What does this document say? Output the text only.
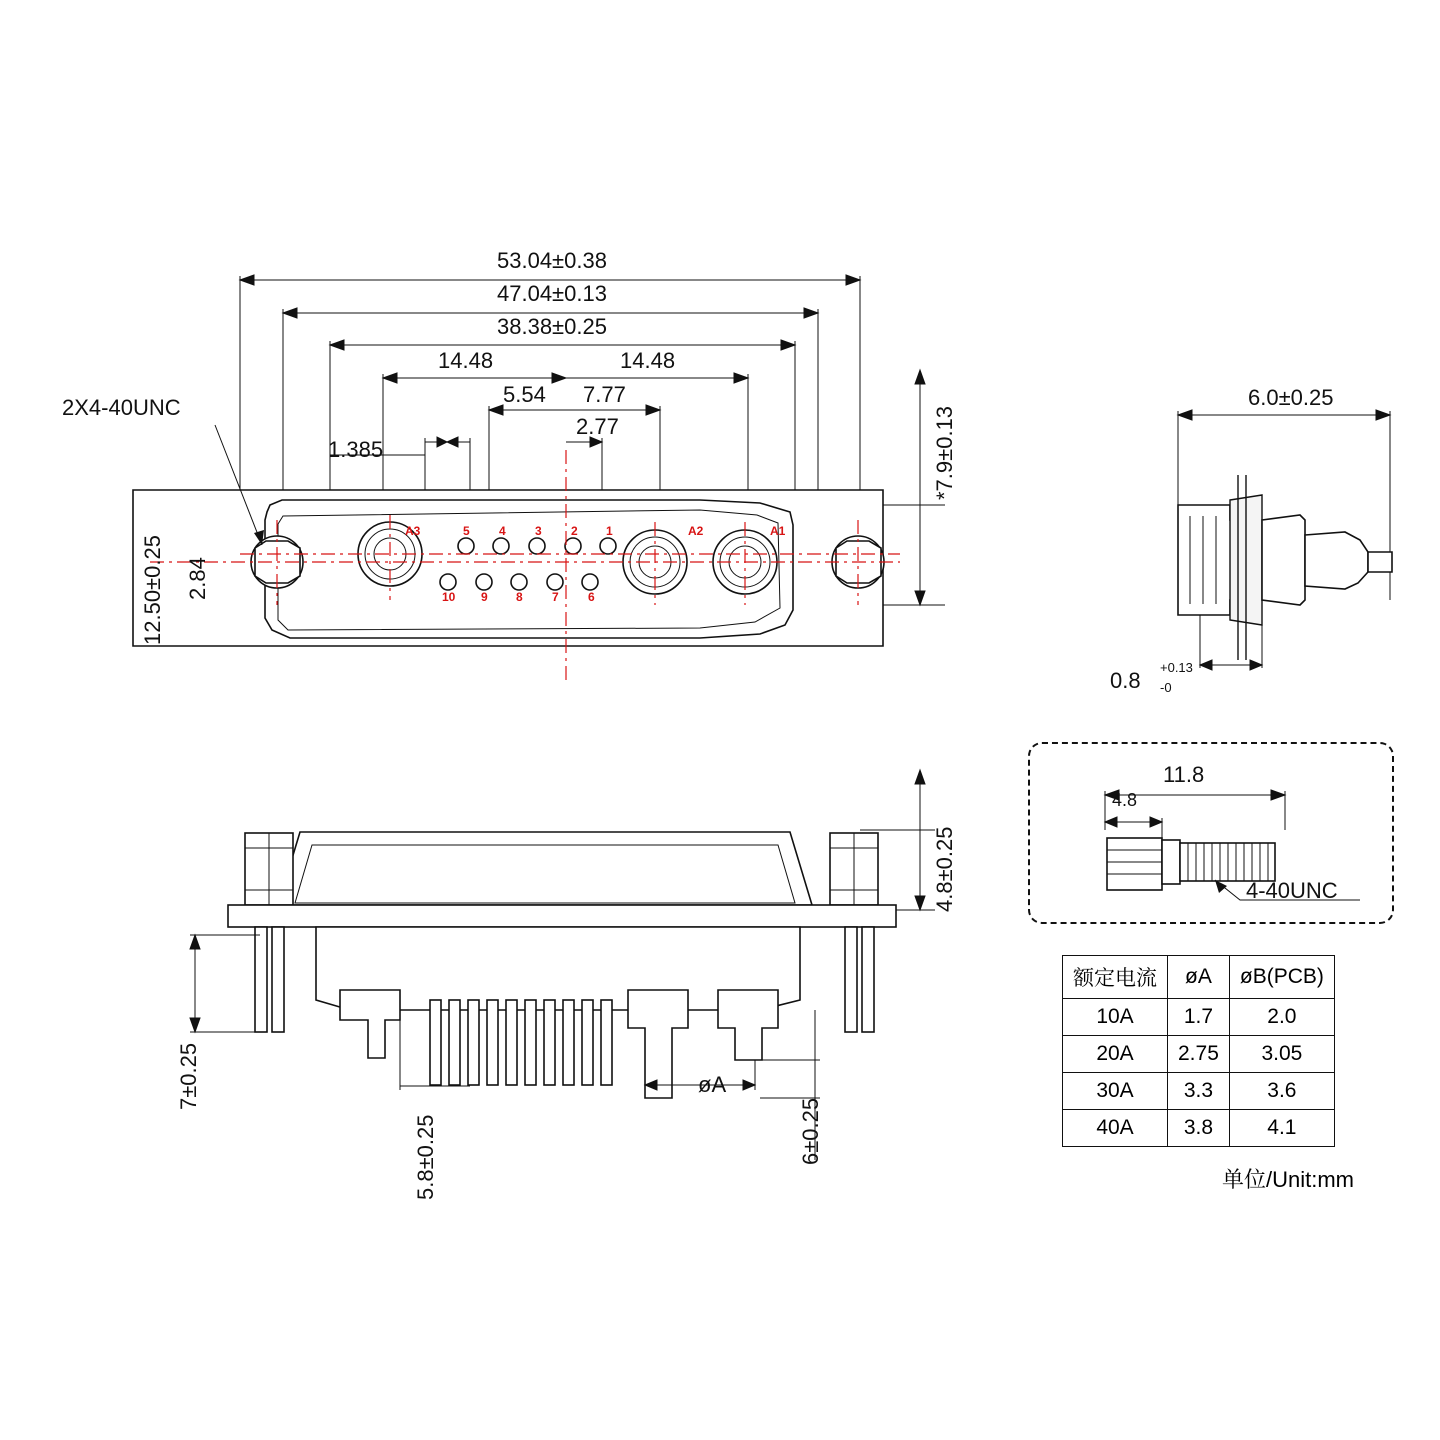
53.04±0.38
47.04±0.13
38.38±0.25
14.48	14.48
5.54 7.77
2.77
1.385
2X4-40UNC
12.50±0.25 2.84
*7.9±0.13
A3	5 4 3 2 1	A2	A1
10 9 8 7 6
6.0±0.25
0.8
+0.13
-0
4.8±0.25
7±0.25
5.8±0.25	6±0.25
øA
11.8
4.8
4-40UNC
额定电流	øA	øB(PCB)
10A	1.7	2.0
20A	2.75	3.05
30A	3.3	3.6
40A	3.8	4.1
单位/Unit:mm
